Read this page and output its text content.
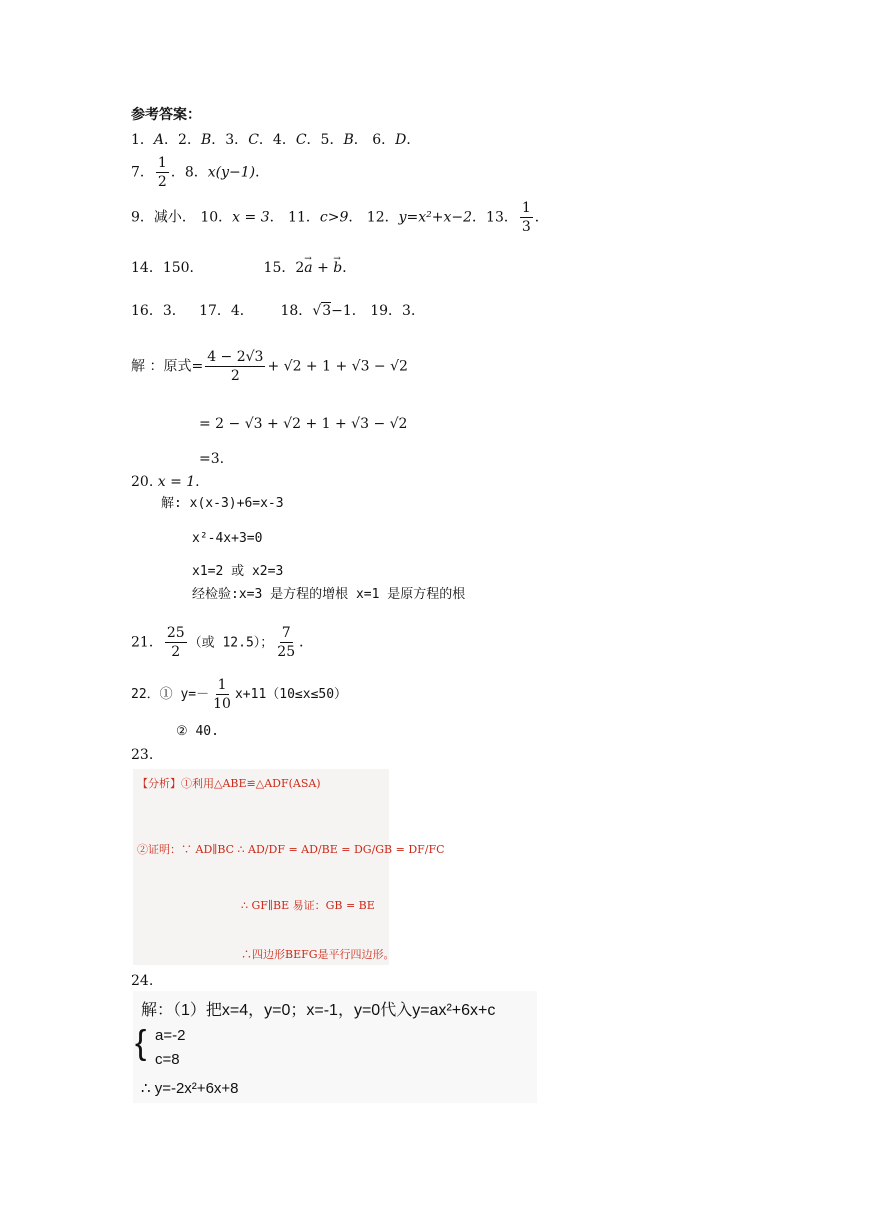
参考答案：
1．A．2．B．3．C．4．C．5．B． 6．D．
7． $\frac{1}{2}$ ．8．x(y−1)．
9．减小． 10．x = 3． 11．c>9． 12．y=x²+x−2．13． $\frac{1}{3}$ ．
14．150．	15．2→ a + → b．
16．3．   17．4．      18．√3−1． 19．3．
解 ：原式= $\frac{4 - 2√3}{2} + √2 + 1 + √3 - √2$
= 2 − √3 + √2 + 1 + √3 − √2
=3.
20. x = 1.
解: x(x-3)+6=x-3
x²-4x+3=0
x1=2 或 x2=3
经检验:x=3 是方程的增根 x=1 是原方程的根
21． $\frac{25}{2}$ （或 12.5）； $\frac{7}{25}$ ．
22．① $y=- \frac{1}{10} x+11(10\le x\le 50)$
② 40.
23.
【分析】①利用△ABE≌△ADF(ASA)
②证明：∵ AD∥BC ∴ AD/DF = AD/BE = DG/GB = DF/FC
∴ GF∥BE 易证：GB = BE
∴四边形BEFG是平行四边形。
24.
解：（1）把x=4，y=0；x=-1，y=0代入y=ax²+6x+c
{ a=-2
c=8
∴ y=-2x²+6x+8
